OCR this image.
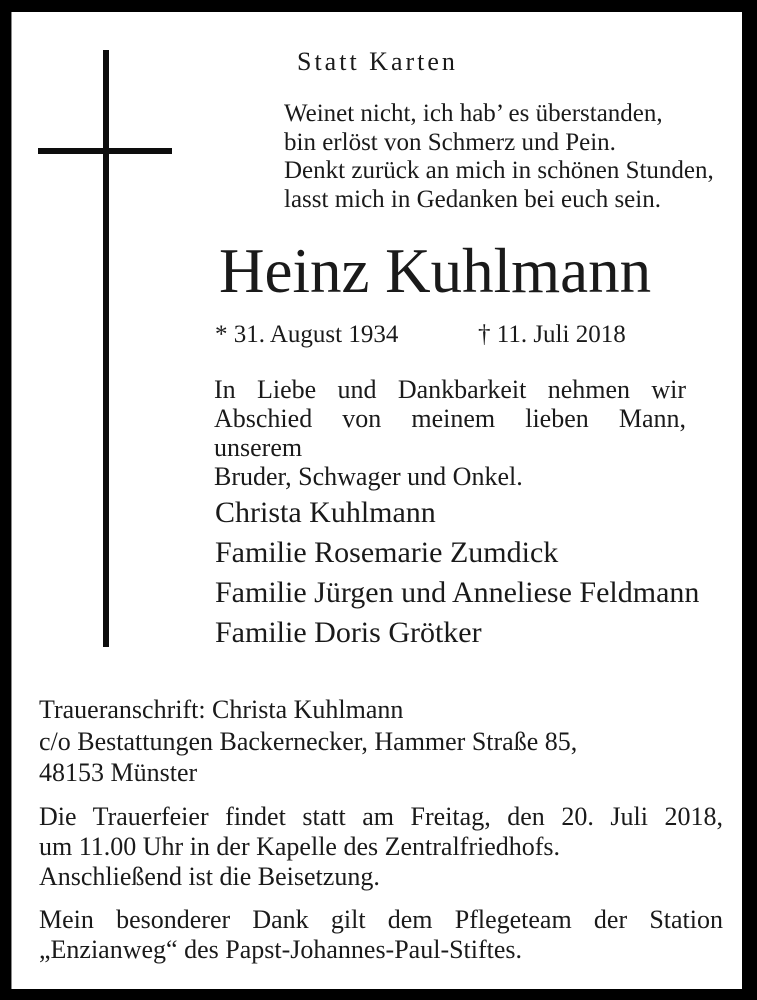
Statt Karten
Weinet nicht, ich hab’ es überstanden,
bin erlöst von Schmerz und Pein.
Denkt zurück an mich in schönen Stunden,
lasst mich in Gedanken bei euch sein.
Heinz Kuhlmann
* 31. August 1934	† 11. Juli 2018
In Liebe und Dankbarkeit nehmen wir
Abschied von meinem lieben Mann, unserem
Bruder, Schwager und Onkel.
Christa Kuhlmann
Familie Rosemarie Zumdick
Familie Jürgen und Anneliese Feldmann
Familie Doris Grötker
Traueranschrift: Christa Kuhlmann
c/o Bestattungen Backernecker, Hammer Straße 85,
48153 Münster
Die Trauerfeier findet statt am Freitag, den 20. Juli 2018,
um 11.00 Uhr in der Kapelle des Zentralfriedhofs.
Anschließend ist die Beisetzung.
Mein besonderer Dank gilt dem Pflegeteam der Station
„Enzianweg“ des Papst-Johannes-Paul-Stiftes.
